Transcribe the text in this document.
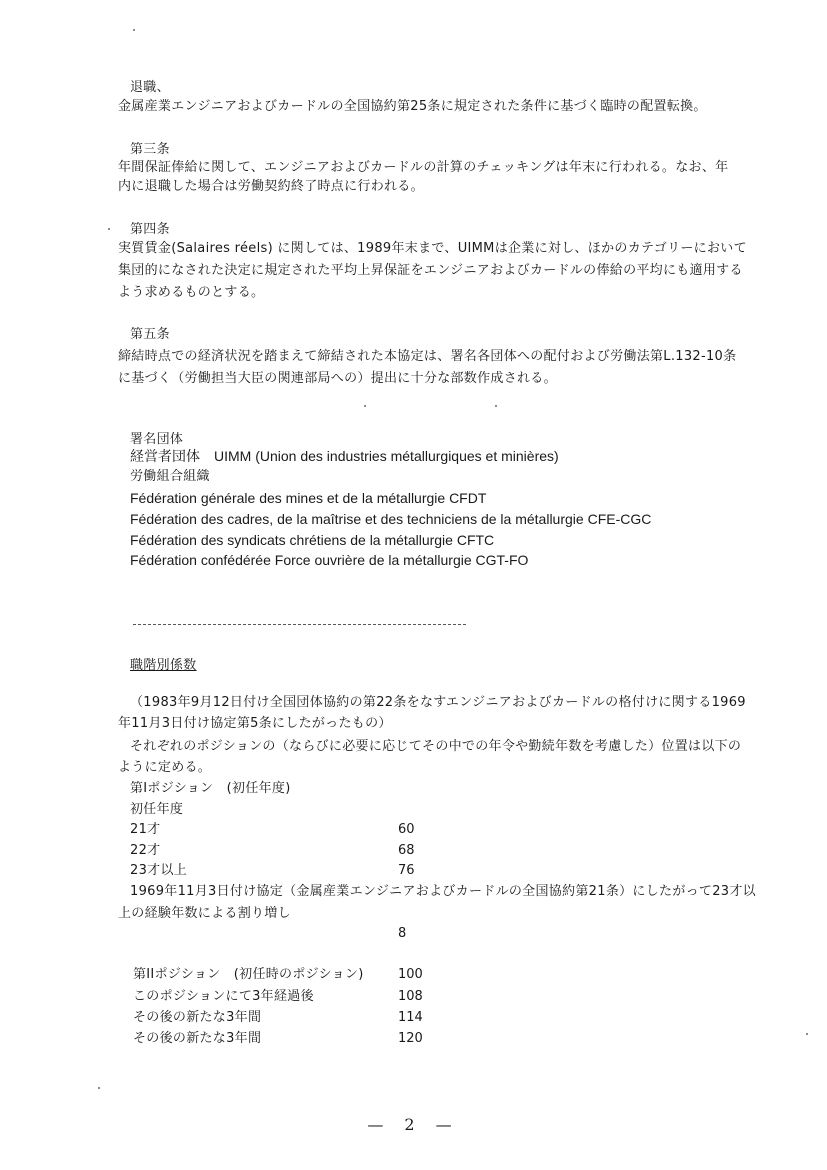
退職、
金属産業エンジニアおよびカードルの全国協約第25条に規定された条件に基づく臨時の配置転換。
第三条
年間保証俸給に関して、エンジニアおよびカードルの計算のチェッキングは年末に行われる。なお、年
内に退職した場合は労働契約終了時点に行われる。
第四条
実質賃金(Salaires réels) に関しては、1989年末まで、UIMMは企業に対し、ほかのカテゴリーにおいて
集団的になされた決定に規定された平均上昇保証をエンジニアおよびカードルの俸給の平均にも適用する
よう求めるものとする。
第五条
締結時点での経済状況を踏まえて締結された本協定は、署名各団体への配付および労働法第L.132-10条
に基づく（労働担当大臣の関連部局への）提出に十分な部数作成される。
署名団体
経営者団体　UIMM (Union des industries métallurgiques et minières)
労働組合組織
Fédération générale des mines et de la métallurgie CFDT
Fédération des cadres, de la maîtrise et des techniciens de la métallurgie CFE-CGC
Fédération des syndicats chrétiens de la métallurgie CFTC
Fédération confédérée Force ouvrière de la métallurgie CGT-FO
職階別係数
（1983年9月12日付け全国団体協約の第22条をなすエンジニアおよびカードルの格付けに関する1969
年11月3日付け協定第5条にしたがったもの）
それぞれのポジションの（ならびに必要に応じてその中での年令や勤続年数を考慮した）位置は以下の
ように定める。
第Iポジション　(初任年度)
初任年度
21才	60
22才	68
23才以上	76
1969年11月3日付け協定（金属産業エンジニアおよびカードルの全国協約第21条）にしたがって23才以
上の経験年数による割り増し
8
第IIポジション　(初任時のポジション)	100
このポジションにて3年経過後	108
その後の新たな3年間	114
その後の新たな3年間	120
— 2 —
